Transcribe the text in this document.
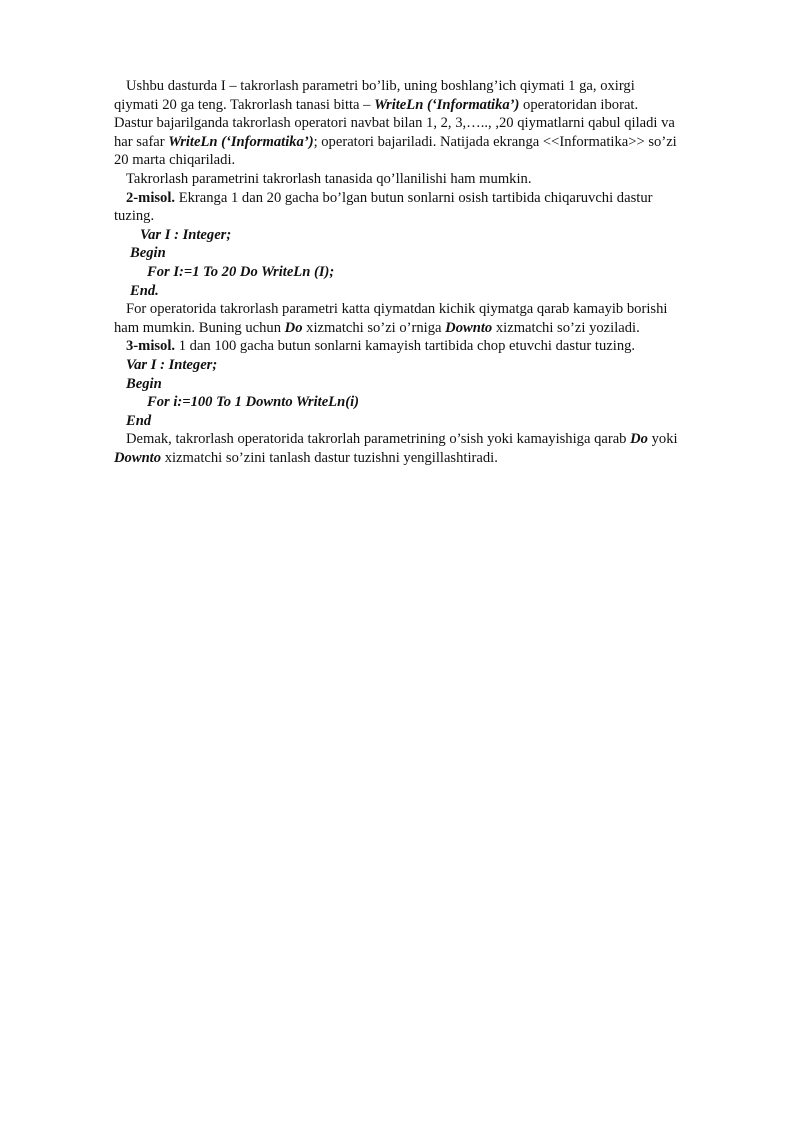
Ushbu dasturda I – takrorlash parametri bo’lib, uning boshlang’ich qiymati 1 ga, oxirgi
qiymati 20 ga teng. Takrorlash tanasi bitta – WriteLn (‘Informatika’) operatoridan iborat.
Dastur bajarilganda takrorlash operatori navbat bilan 1, 2, 3,….., ,20 qiymatlarni qabul qiladi va
har safar WriteLn (‘Informatika’); operatori bajariladi. Natijada ekranga <<Informatika>> so’zi
20 marta chiqariladi.
Takrorlash parametrini takrorlash tanasida qo’llanilishi ham mumkin.
2-misol. Ekranga 1 dan 20 gacha bo’lgan butun sonlarni osish tartibida chiqaruvchi dastur
tuzing.
Var I : Integer;
Begin
For I:=1 To 20 Do WriteLn (I);
End.
For operatorida takrorlash parametri katta qiymatdan kichik qiymatga qarab kamayib borishi
ham mumkin. Buning uchun Do xizmatchi so’zi o’rniga Downto xizmatchi so’zi yoziladi.
3-misol. 1 dan 100 gacha butun sonlarni kamayish tartibida chop etuvchi dastur tuzing.
Var I : Integer;
Begin
For i:=100 To 1 Downto WriteLn(i)
End
Demak, takrorlash operatorida takrorlah parametrining o’sish yoki kamayishiga qarab Do yoki
Downto xizmatchi so’zini tanlash dastur tuzishni yengillashtiradi.
